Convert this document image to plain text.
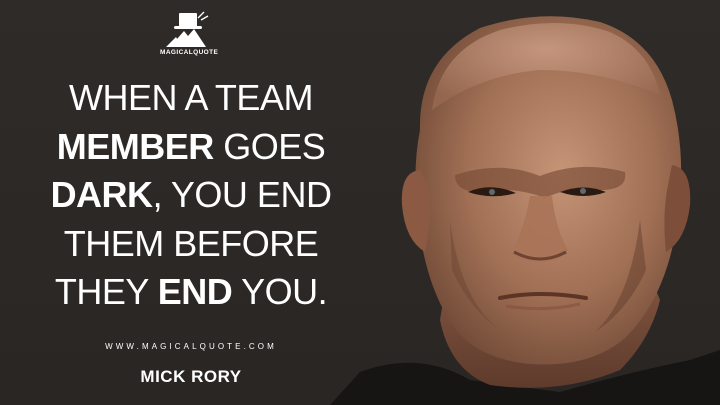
MAGICALQUOTE
WHEN A TEAM
MEMBER GOES
DARK, YOU END
THEM BEFORE
THEY END YOU.
WWW.MAGICALQUOTE.COM
MICK RORY
